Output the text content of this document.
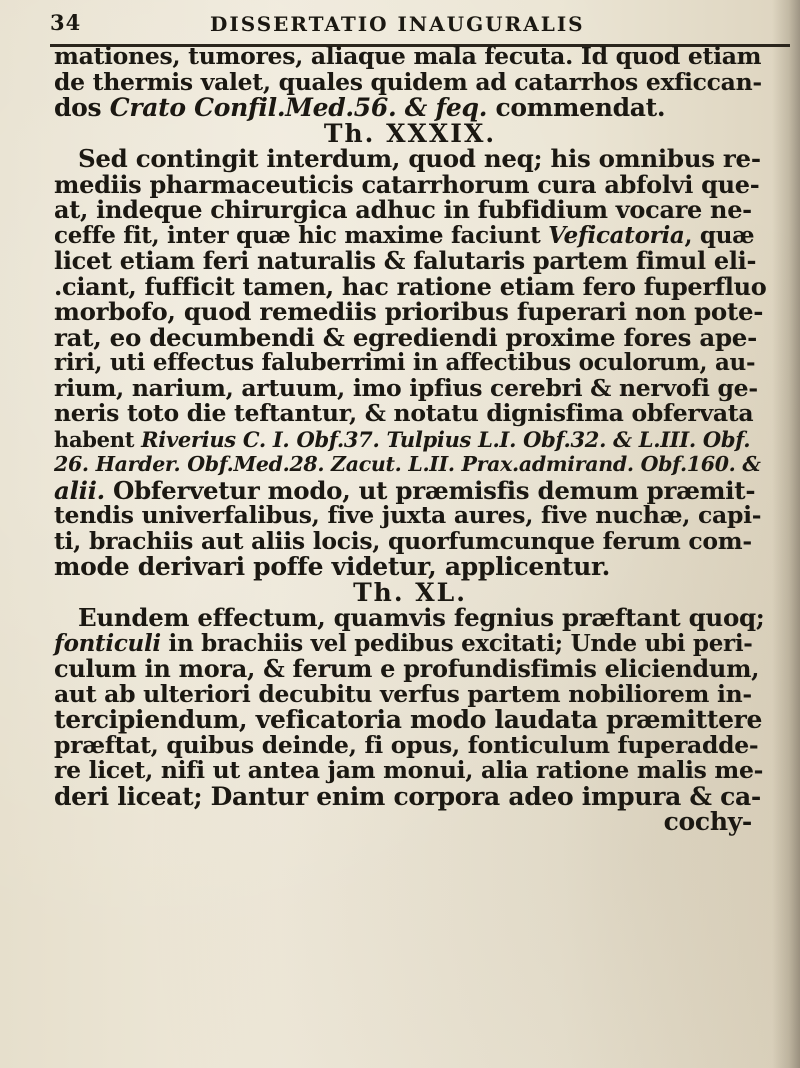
34	DISSERTATIO INAUGURALIS
mationes, tumores, aliaque mala fecuta. Id quod etiam
de thermis valet, quales quidem ad catarrhos exficcan-
dos Crato Confil.Med.56. & feq. commendat.
Th. XXXIX.
Sed contingit interdum, quod neq; his omnibus re-
mediis pharmaceuticis catarrhorum cura abfolvi que-
at, indeque chirurgica adhuc in fubfidium vocare ne-
ceffe fit, inter quæ hic maxime faciunt Veficatoria, quæ
licet etiam feri naturalis & falutaris partem fimul eli-
.ciant, fufficit tamen, hac ratione etiam fero fuperfluo
morbofo, quod remediis prioribus fuperari non pote-
rat, eo decumbendi & egrediendi proxime fores ape-
riri, uti effectus faluberrimi in affectibus oculorum, au-
rium, narium, artuum, imo ipfius cerebri & nervofi ge-
neris toto die teftantur, & notatu dignisfima obfervata
habent Riverius C. I. Obf.37. Tulpius L.I. Obf.32. & L.III. Obf.
26. Harder. Obf.Med.28. Zacut. L.II. Prax.admirand. Obf.160. &
alii. Obfervetur modo, ut præmisfis demum præmit-
tendis univerfalibus, five juxta aures, five nuchæ, capi-
ti, brachiis aut aliis locis, quorfumcunque ferum com-
mode derivari poffe videtur, applicentur.
Th. XL.
Eundem effectum, quamvis fegnius præftant quoq;
fonticuli in brachiis vel pedibus excitati; Unde ubi peri-
culum in mora, & ferum e profundisfimis eliciendum,
aut ab ulteriori decubitu verfus partem nobiliorem in-
tercipiendum, veficatoria modo laudata præmittere
præftat, quibus deinde, fi opus, fonticulum fuperadde-
re licet, nifi ut antea jam monui, alia ratione malis me-
deri liceat; Dantur enim corpora adeo impura & ca-
cochy-
